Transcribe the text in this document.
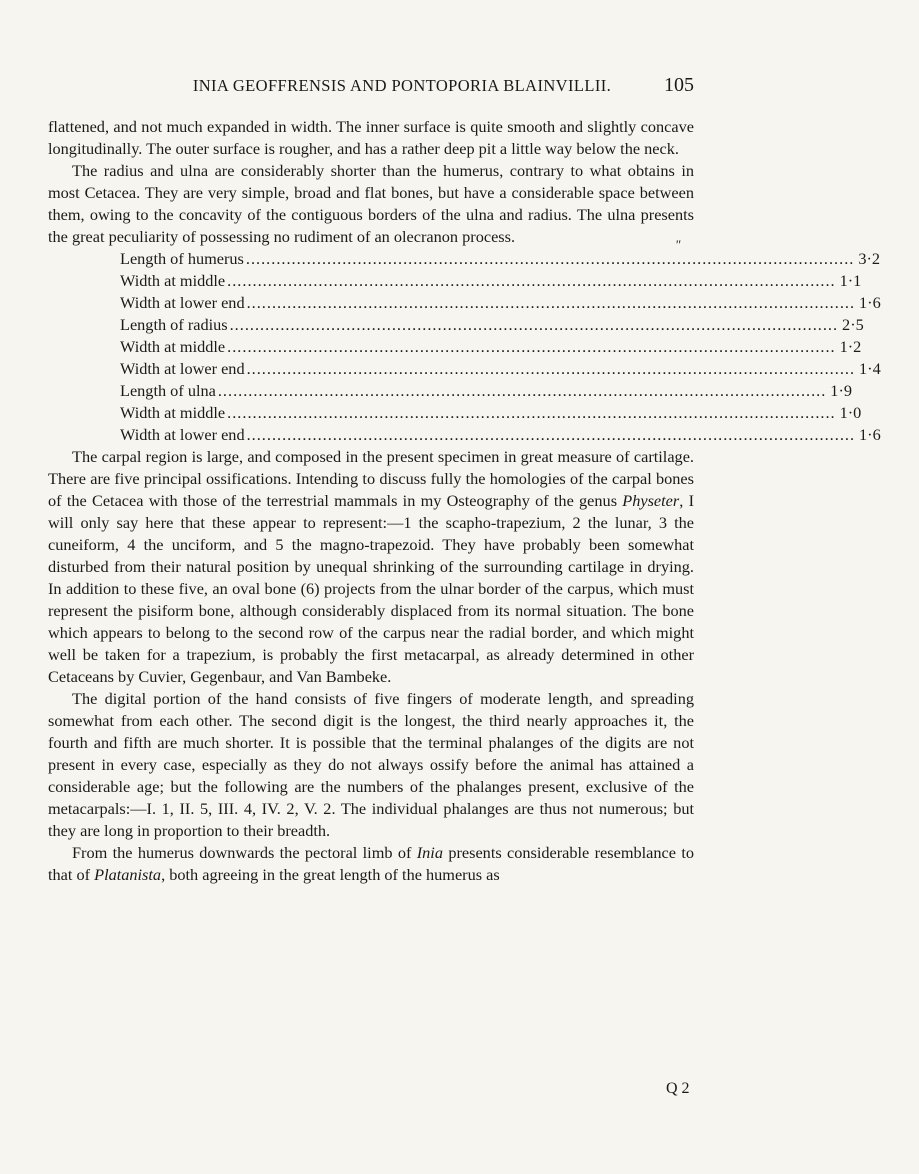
INIA GEOFFRENSIS AND PONTOPORIA BLAINVILLII.	105

flattened, and not much expanded in width. The inner surface is quite smooth and slightly concave longitudinally. The outer surface is rougher, and has a rather deep pit a little way below the neck.

The radius and ulna are considerably shorter than the humerus, contrary to what obtains in most Cetacea. They are very simple, broad and flat bones, but have a considerable space between them, owing to the concavity of the contiguous borders of the ulna and radius. The ulna presents the great peculiarity of possessing no rudiment of an olecranon process.	"
Length of humerus ........................................................................................................................ 3·2
Width at middle ........................................................................................................................ 1·1
Width at lower end ........................................................................................................................ 1·6
Length of radius ........................................................................................................................ 2·5
Width at middle ........................................................................................................................ 1·2
Width at lower end ........................................................................................................................ 1·4
Length of ulna ........................................................................................................................ 1·9
Width at middle ........................................................................................................................ 1·0
Width at lower end ........................................................................................................................ 1·6

The carpal region is large, and composed in the present specimen in great measure of cartilage. There are five principal ossifications. Intending to discuss fully the homologies of the carpal bones of the Cetacea with those of the terrestrial mammals in my Osteography of the genus Physeter, I will only say here that these appear to represent:—1 the scapho-trapezium, 2 the lunar, 3 the cuneiform, 4 the unciform, and 5 the magno-trapezoid. They have probably been somewhat disturbed from their natural position by unequal shrinking of the surrounding cartilage in drying. In addition to these five, an oval bone (6) projects from the ulnar border of the carpus, which must represent the pisiform bone, although considerably displaced from its normal situation. The bone which appears to belong to the second row of the carpus near the radial border, and which might well be taken for a trapezium, is probably the first metacarpal, as already determined in other Cetaceans by Cuvier, Gegenbaur, and Van Bambeke.

The digital portion of the hand consists of five fingers of moderate length, and spreading somewhat from each other. The second digit is the longest, the third nearly approaches it, the fourth and fifth are much shorter. It is possible that the terminal phalanges of the digits are not present in every case, especially as they do not always ossify before the animal has attained a considerable age; but the following are the numbers of the phalanges present, exclusive of the metacarpals:—I. 1, II. 5, III. 4, IV. 2, V. 2. The individual phalanges are thus not numerous; but they are long in proportion to their breadth.

From the humerus downwards the pectoral limb of Inia presents considerable resemblance to that of Platanista, both agreeing in the great length of the humerus as

Q 2
